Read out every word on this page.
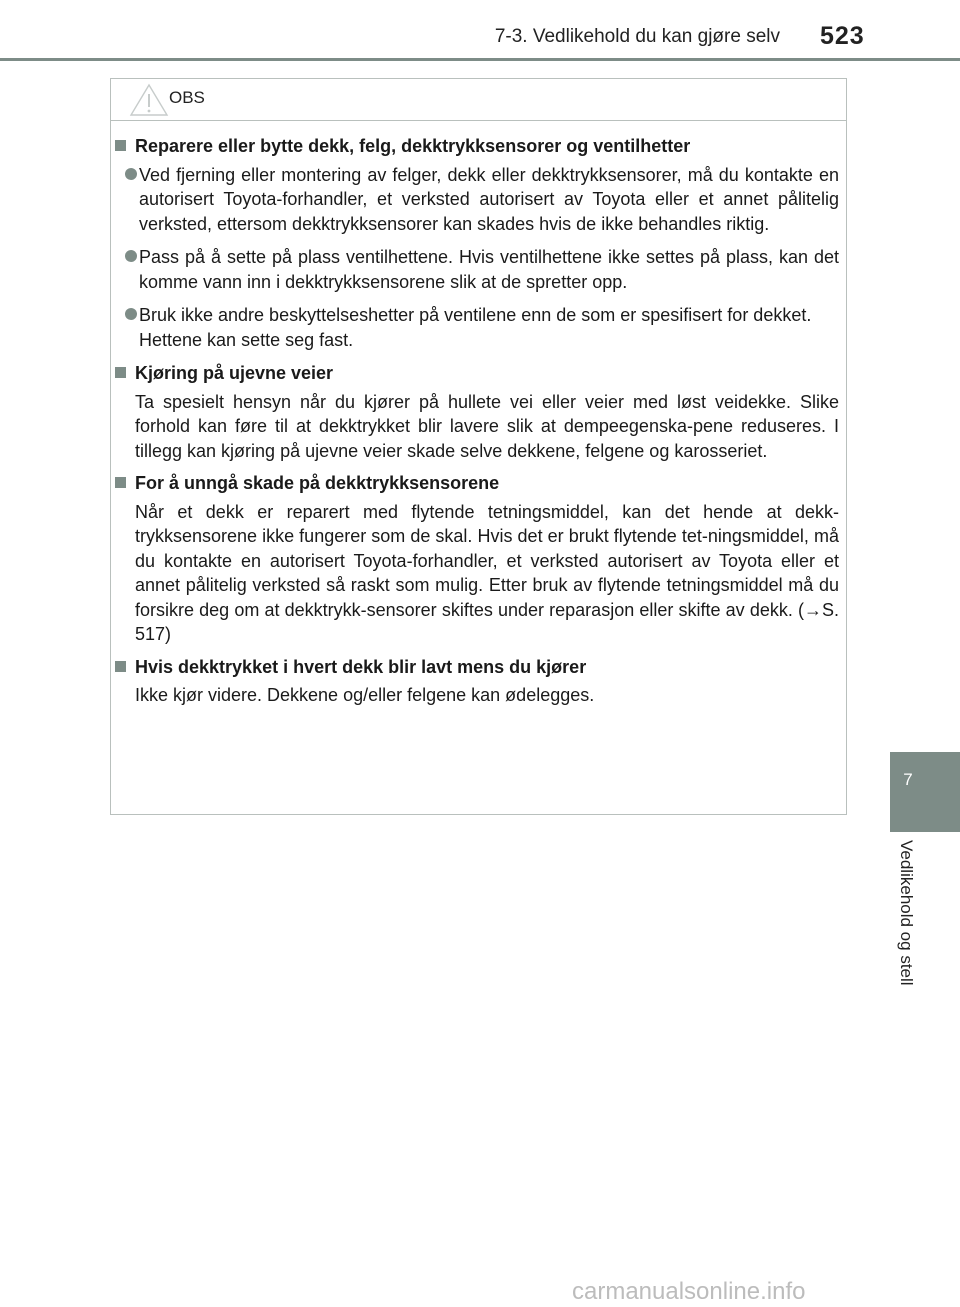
7-3. Vedlikehold du kan gjøre selv 523
7
Vedlikehold og stell
OBS
Reparere eller bytte dekk, felg, dekktrykksensorer og ventilhetter
Ved fjerning eller montering av felger, dekk eller dekktrykksensorer, må du kontakte en autorisert Toyota-forhandler, et verksted autorisert av Toyota eller et annet pålitelig verksted, ettersom dekktrykksensorer kan skades hvis de ikke behandles riktig.
Pass på å sette på plass ventilhettene. Hvis ventilhettene ikke settes på plass, kan det komme vann inn i dekktrykksensorene slik at de spretter opp.
Bruk ikke andre beskyttelseshetter på ventilene enn de som er spesifisert for dekket.
Hettene kan sette seg fast.
Kjøring på ujevne veier
Ta spesielt hensyn når du kjører på hullete vei eller veier med løst veidekke. Slike forhold kan føre til at dekktrykket blir lavere slik at dempeegenska-pene reduseres. I tillegg kan kjøring på ujevne veier skade selve dekkene, felgene og karosseriet.
For å unngå skade på dekktrykksensorene
Når et dekk er reparert med flytende tetningsmiddel, kan det hende at dekk-trykksensorene ikke fungerer som de skal. Hvis det er brukt flytende tet-ningsmiddel, må du kontakte en autorisert Toyota-forhandler, et verksted autorisert av Toyota eller et annet pålitelig verksted så raskt som mulig. Etter bruk av flytende tetningsmiddel må du forsikre deg om at dekktrykk-sensorer skiftes under reparasjon eller skifte av dekk. (→S. 517)
Hvis dekktrykket i hvert dekk blir lavt mens du kjører
Ikke kjør videre. Dekkene og/eller felgene kan ødelegges.
carmanualsonline.info
